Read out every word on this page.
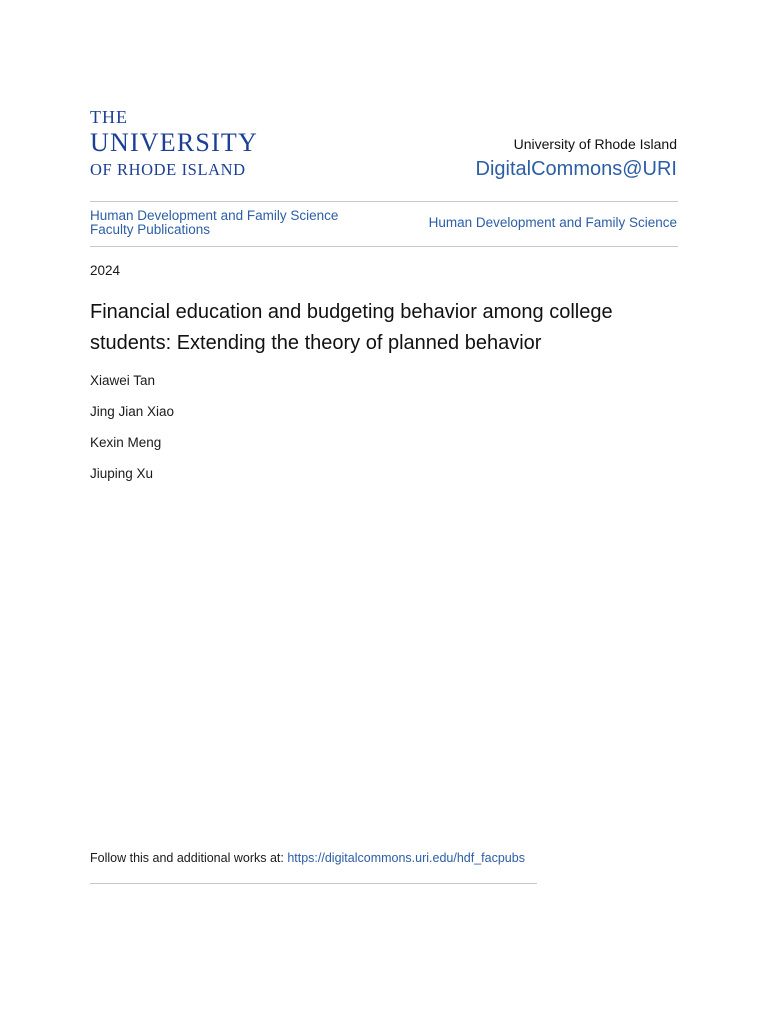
THE
UNIVERSITY
OF RHODE ISLAND
University of Rhode Island
DigitalCommons@URI
Human Development and Family Science
Faculty Publications	Human Development and Family Science
2024
Financial education and budgeting behavior among college students: Extending the theory of planned behavior
Xiawei Tan
Jing Jian Xiao
Kexin Meng
Jiuping Xu
Follow this and additional works at: https://digitalcommons.uri.edu/hdf_facpubs
